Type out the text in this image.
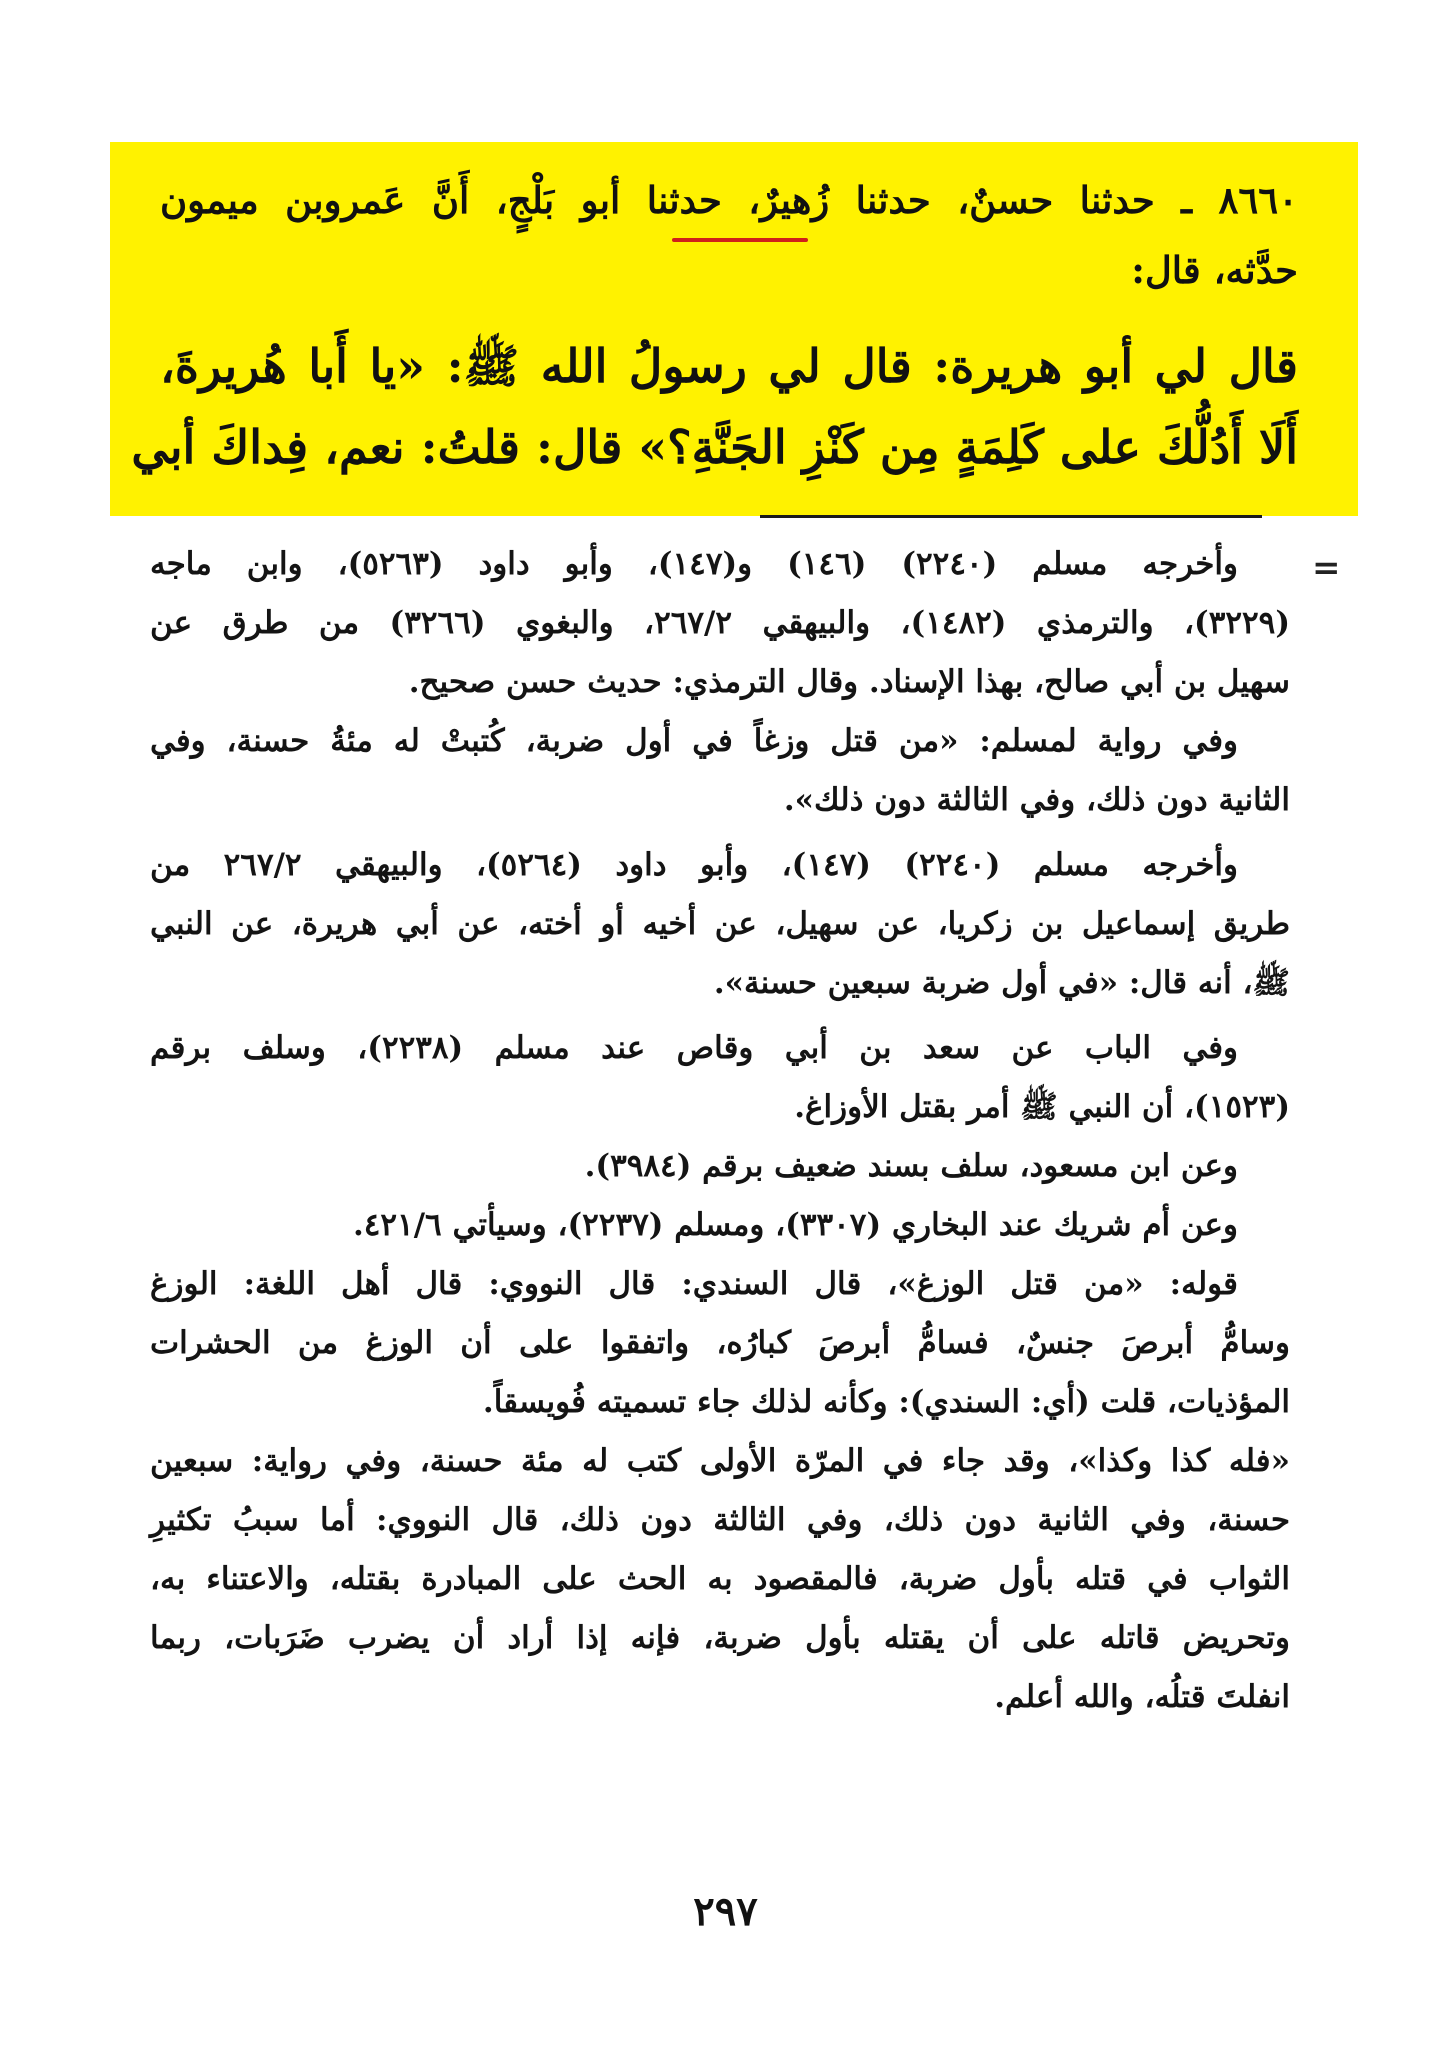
٨٦٦٠ ـ حدثنا حسنٌ، حدثنا زُهيرٌ، حدثنا أبو بَلْجٍ، أَنَّ عَمروبن ميمون
حدَّثه، قال:
قال لي أبو هريرة: قال لي رسولُ الله ﷺ: «يا أَبا هُريرةَ،
أَلَا أَدُلُّكَ على كَلِمَةٍ مِن كَنْزِ الجَنَّةِ؟» قال: قلتُ: نعم، فِداكَ أبي
=
وأخرجه مسلم (٢٢٤٠) (١٤٦) و(١٤٧)، وأبو داود (٥٢٦٣)، وابن ماجه
(٣٢٢٩)، والترمذي (١٤٨٢)، والبيهقي ٢٦٧/٢، والبغوي (٣٢٦٦) من طرق عن
سهيل بن أبي صالح، بهذا الإسناد. وقال الترمذي: حديث حسن صحيح.
وفي رواية لمسلم: «من قتل وزغاً في أول ضربة، كُتبتْ له مئةُ حسنة، وفي
الثانية دون ذلك، وفي الثالثة دون ذلك».
وأخرجه مسلم (٢٢٤٠) (١٤٧)، وأبو داود (٥٢٦٤)، والبيهقي ٢٦٧/٢ من
طريق إسماعيل بن زكريا، عن سهيل، عن أخيه أو أخته، عن أبي هريرة، عن النبي
ﷺ، أنه قال: «في أول ضربة سبعين حسنة».
وفي الباب عن سعد بن أبي وقاص عند مسلم (٢٢٣٨)، وسلف برقم
(١٥٢٣)، أن النبي ﷺ أمر بقتل الأوزاغ.
وعن ابن مسعود، سلف بسند ضعيف برقم (٣٩٨٤).
وعن أم شريك عند البخاري (٣٣٠٧)، ومسلم (٢٢٣٧)، وسيأتي ٤٢١/٦.
قوله: «من قتل الوزغ»، قال السندي: قال النووي: قال أهل اللغة: الوزغ
وسامُّ أبرصَ جنسٌ، فسامُّ أبرصَ كبارُه، واتفقوا على أن الوزغ من الحشرات
المؤذيات، قلت (أي: السندي): وكأنه لذلك جاء تسميته فُويسقاً.
«فله كذا وكذا»، وقد جاء في المرّة الأولى كتب له مئة حسنة، وفي رواية: سبعين
حسنة، وفي الثانية دون ذلك، وفي الثالثة دون ذلك، قال النووي: أما سببُ تكثيرِ
الثواب في قتله بأول ضربة، فالمقصود به الحث على المبادرة بقتله، والاعتناء به،
وتحريض قاتله على أن يقتله بأول ضربة، فإنه إذا أراد أن يضرب ضَرَبات، ربما
انفلتَ قتلُه، والله أعلم.
٢٩٧
